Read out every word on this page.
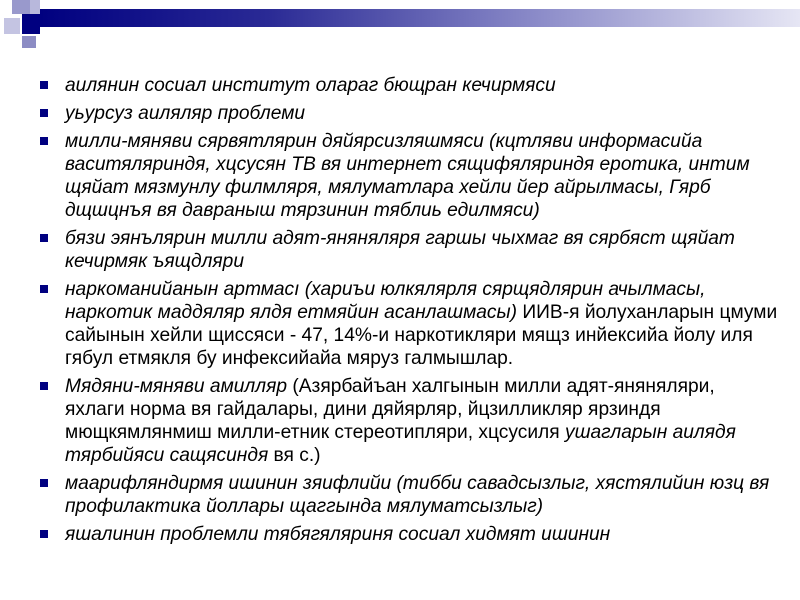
аилянин сосиал институт олараг бющран кечирмяси
уьурсуз аиляляр проблеми
милли-мяняви сярвятлярин дяйярсизляшмяси (кцтляви информасийа васитяляриндя, хцсусян ТВ вя интернет сящифяляриндя еротика, интим щяйат мязмунлу филмляря, мялуматлара хейли йер айрылмасы, Гярб дщшцнъя вя давраныш тярзинин тяблиь едилмяси)
бязи эянълярин милли адят-яняняляря гаршы чыхмаг вя сярбяст щяйат кечирмяк ъящдляри
наркоманийанын артмасı (хариъи юлкялярля сярщядлярин ачылмасы, наркотик маддяляр ялдя етмяйин асанлашмасы) ИИВ-я йолуханларын цмуми сайынын хейли щиссяси - 47, 14%-и наркотикляри мящз инйексийа йолу иля гябул етмякля бу инфексийайа мяруз галмышлар.
Мядяни-мяняви амилляр (Азярбайъан халгынын милли адят-яняняляри, яхлаги норма вя гайдалары, дини дяйярляр, йцзилликляр ярзиндя мющкямлянмиш милли-етник стереотипляри, хцсусиля ушагларын аилядя тярбийяси сащясиндя вя с.)
маарифляндирмя ишинин зяифлийи (тибби савадсызлыг, хястялийин юзц вя профилактика йоллары щаггында мялуматсызлыг)
яшалинин проблемли тябягяляриня сосиал хидмят ишинин
